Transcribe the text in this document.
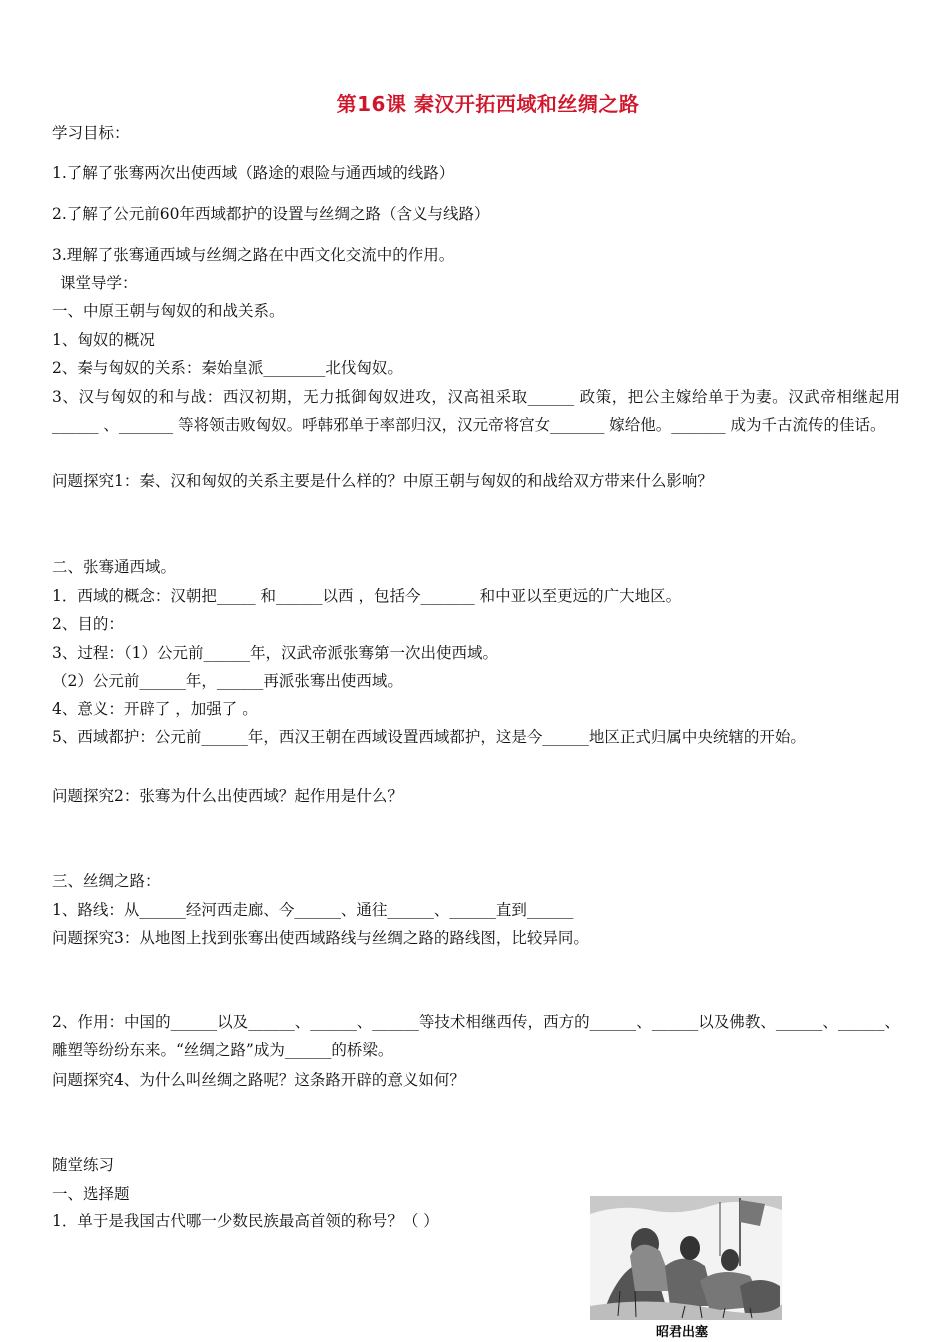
第16课 秦汉开拓西域和丝绸之路
学习目标：
1.了解了张骞两次出使西域（路途的艰险与通西域的线路）
2.了解了公元前60年西域都护的设置与丝绸之路（含义与线路）
3.理解了张骞通西域与丝绸之路在中西文化交流中的作用。
课堂导学：
一、中原王朝与匈奴的和战关系。
1、匈奴的概况
2、秦与匈奴的关系：秦始皇派________北伐匈奴。
3、汉与匈奴的和与战：西汉初期，无力抵御匈奴进攻，汉高祖采取______ 政策，把公主嫁给单于为妻。汉武帝相继起用______ 、_______ 等将领击败匈奴。呼韩邪单于率部归汉，汉元帝将宫女_______ 嫁给他。_______ 成为千古流传的佳话。
问题探究1：秦、汉和匈奴的关系主要是什么样的？中原王朝与匈奴的和战给双方带来什么影响？
二、张骞通西域。
1．西域的概念：汉朝把_____ 和______以西 ，包括今_______ 和中亚以至更远的广大地区。
2、目的：
3、过程：（1）公元前______年，汉武帝派张骞第一次出使西域。
（2）公元前______年，______再派张骞出使西域。
4、意义：开辟了 ，加强了 。
5、西域都护：公元前______年，西汉王朝在西域设置西域都护，这是今______地区正式归属中央统辖的开始。
问题探究2：张骞为什么出使西域？起作用是什么？
三、丝绸之路：
1、路线：从______经河西走廊、今______、通往______、______直到______
问题探究3：从地图上找到张骞出使西域路线与丝绸之路的路线图，比较异同。
2、作用：中国的______以及______、______、______等技术相继西传，西方的______、______以及佛教、______、______、雕塑等纷纷东来。“丝绸之路”成为______的桥梁。
问题探究4、为什么叫丝绸之路呢？这条路开辟的意义如何？
随堂练习
一、选择题
1．单于是我国古代哪一少数民族最高首领的称号？（ ）
昭君出塞
